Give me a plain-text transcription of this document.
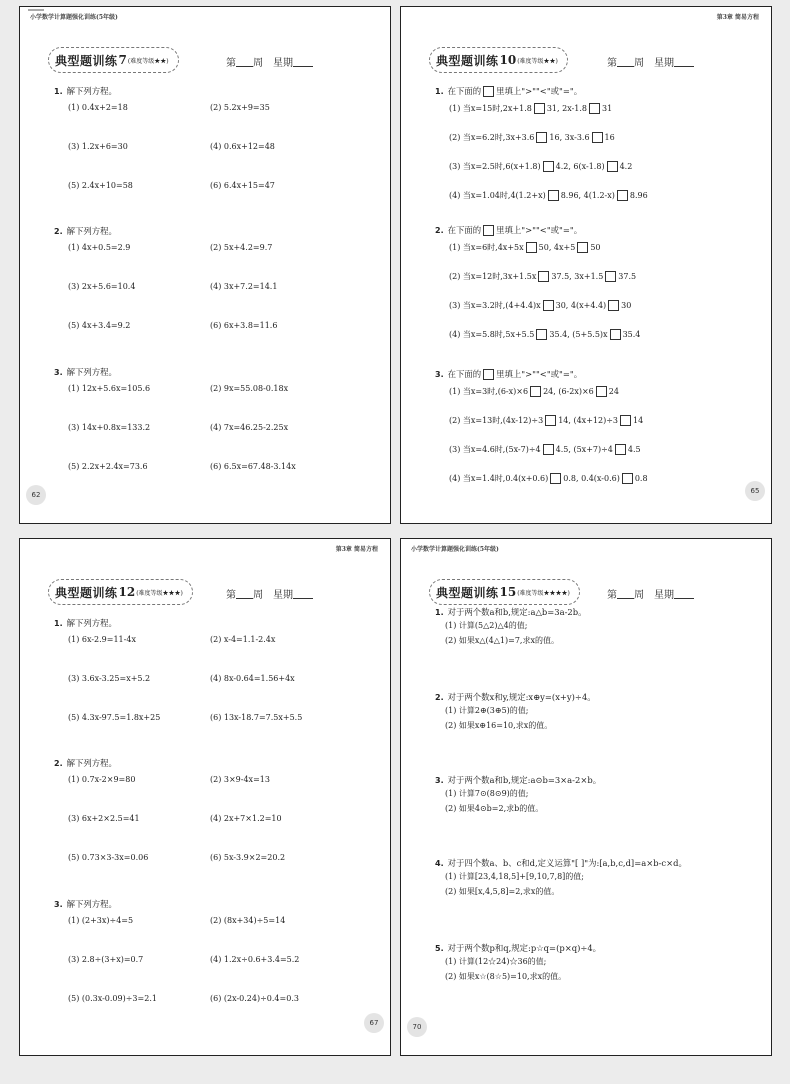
小学数学计算题强化训练(5年级)
典型题训练 7 (难度等级★★)	第 周 星期
1. 解下列方程。
(1) 0.4x+2=18	(2) 5.2x+9=35
(3) 1.2x+6=30	(4) 0.6x+12=48
(5) 2.4x+10=58	(6) 6.4x+15=47
2. 解下列方程。
(1) 4x+0.5=2.9	(2) 5x+4.2=9.7
(3) 2x+5.6=10.4	(4) 3x+7.2=14.1
(5) 4x+3.4=9.2	(6) 6x+3.8=11.6
3. 解下列方程。
(1) 12x+5.6x=105.6	(2) 9x=55.08-0.18x
(3) 14x+0.8x=133.2	(4) 7x=46.25-2.25x
(5) 2.2x+2.4x=73.6	(6) 6.5x=67.48-3.14x
62
第3章 简易方程
典型题训练 10 (难度等级★★)	第 周 星期
1. 在下面的 里填上">""<"或"="。
(1) 当x=15时,2x+1.8 31, 2x-1.8 31
(2) 当x=6.2时,3x+3.6 16, 3x-3.6 16
(3) 当x=2.5时,6(x+1.8) 4.2, 6(x-1.8) 4.2
(4) 当x=1.04时,4(1.2+x) 8.96, 4(1.2-x) 8.96
2. 在下面的 里填上">""<"或"="。
(1) 当x=6时,4x+5x 50, 4x+5 50
(2) 当x=12时,3x+1.5x 37.5, 3x+1.5 37.5
(3) 当x=3.2时,(4+4.4)x 30, 4(x+4.4) 30
(4) 当x=5.8时,5x+5.5 35.4, (5+5.5)x 35.4
3. 在下面的 里填上">""<"或"="。
(1) 当x=3时,(6-x)×6 24, (6-2x)×6 24
(2) 当x=13时,(4x-12)÷3 14, (4x+12)÷3 14
(3) 当x=4.6时,(5x-7)÷4 4.5, (5x+7)÷4 4.5
(4) 当x=1.4时,0.4(x+0.6) 0.8, 0.4(x-0.6) 0.8
65
第3章 简易方程
典型题训练 12 (难度等级★★★)	第 周 星期
1. 解下列方程。
(1) 6x-2.9=11-4x	(2) x-4=1.1-2.4x
(3) 3.6x-3.25=x+5.2	(4) 8x-0.64=1.56+4x
(5) 4.3x-97.5=1.8x+25	(6) 13x-18.7=7.5x+5.5
2. 解下列方程。
(1) 0.7x-2×9=80	(2) 3×9-4x=13
(3) 6x+2×2.5=41	(4) 2x+7×1.2=10
(5) 0.73×3-3x=0.06	(6) 5x-3.9×2=20.2
3. 解下列方程。
(1) (2+3x)÷4=5	(2) (8x+34)÷5=14
(3) 2.8÷(3+x)=0.7	(4) 1.2x÷0.6+3.4=5.2
(5) (0.3x-0.09)÷3=2.1	(6) (2x-0.24)÷0.4=0.3
67
小学数学计算题强化训练(5年级)
典型题训练 15 (难度等级★★★★)	第 周 星期
1. 对于两个数a和b,规定:a△b=3a-2b。
(1) 计算(5△2)△4的值;
(2) 如果x△(4△1)=7,求x的值。
2. 对于两个数x和y,规定:x⊕y=(x+y)÷4。
(1) 计算2⊕(3⊕5)的值;
(2) 如果x⊕16=10,求x的值。
3. 对于两个数a和b,规定:a⊙b=3×a-2×b。
(1) 计算7⊙(8⊙9)的值;
(2) 如果4⊙b=2,求b的值。
4. 对于四个数a、b、c和d,定义运算"[ ]"为:[a,b,c,d]=a×b-c×d。
(1) 计算[23,4,18,5]+[9,10,7,8]的值;
(2) 如果[x,4,5,8]=2,求x的值。
5. 对于两个数p和q,规定:p☆q=(p×q)÷4。
(1) 计算(12☆24)☆36的值;
(2) 如果x☆(8☆5)=10,求x的值。
70
